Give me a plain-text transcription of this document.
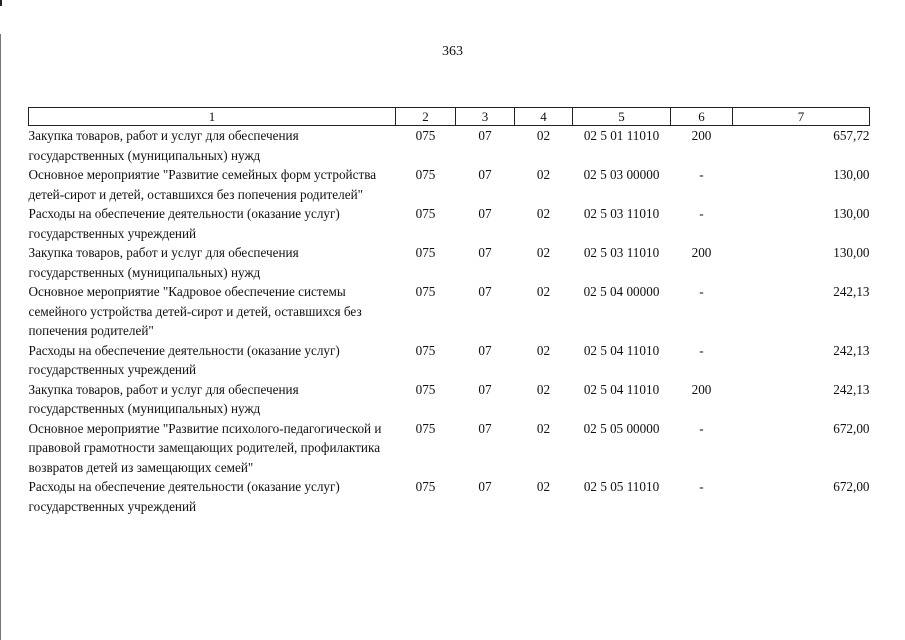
363
1	2	3	4	5	6	7
Закупка товаров, работ и услуг для обеспечения государственных (муниципальных) нужд	075	07	02	02 5 01 11010	200	657,72
Основное мероприятие "Развитие семейных форм устройства детей-сирот и детей, оставшихся без попечения родителей"	075	07	02	02 5 03 00000	-	130,00
Расходы на обеспечение деятельности (оказание услуг) государственных учреждений	075	07	02	02 5 03 11010	-	130,00
Закупка товаров, работ и услуг для обеспечения государственных (муниципальных) нужд	075	07	02	02 5 03 11010	200	130,00
Основное мероприятие "Кадровое обеспечение системы семейного устройства детей-сирот и детей, оставшихся без попечения родителей"	075	07	02	02 5 04 00000	-	242,13
Расходы на обеспечение деятельности (оказание услуг) государственных учреждений	075	07	02	02 5 04 11010	-	242,13
Закупка товаров, работ и услуг для обеспечения государственных (муниципальных) нужд	075	07	02	02 5 04 11010	200	242,13
Основное мероприятие "Развитие психолого-педагогической и правовой грамотности замещающих родителей, профилактика возвратов детей из замещающих семей"	075	07	02	02 5 05 00000	-	672,00
Расходы на обеспечение деятельности (оказание услуг) государственных учреждений	075	07	02	02 5 05 11010	-	672,00
